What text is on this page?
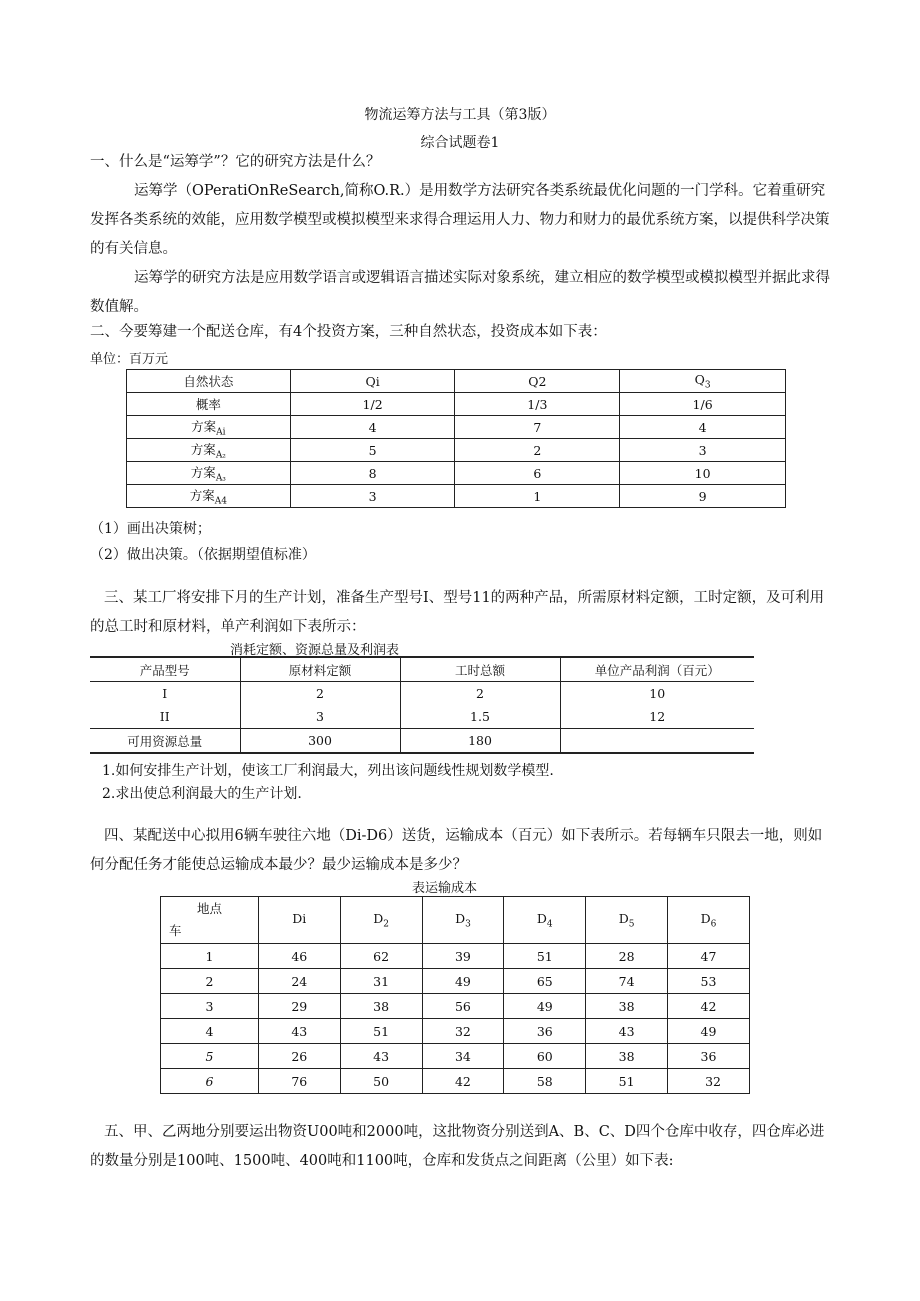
物流运筹方法与工具（第3版）
综合试题卷1
一、什么是“运筹学”？它的研究方法是什么？
运筹学（OPeratiOnReSearch,简称O.R.）是用数学方法研究各类系统最优化问题的一门学科。它着重研究发挥各类系统的效能，应用数学模型或模拟模型来求得合理运用人力、物力和财力的最优系统方案，以提供科学决策的有关信息。
运筹学的研究方法是应用数学语言或逻辑语言描述实际对象系统，建立相应的数学模型或模拟模型并据此求得数值解。
二、今要筹建一个配送仓库，有4个投资方案，三种自然状态，投资成本如下表：
单位：百万元
自然状态	Qi	Q2	$Q_3$
概率	1/2	1/3	1/6
方案$_{Ai}$	4	7	4
方案$_{A_2}$	5	2	3
方案$_{A_3}$	8	6	10
方案$_{A4}$	3	1	9
（1）画出决策树；
（2）做出决策。（依据期望值标准）
三、某工厂将安排下月的生产计划，准备生产型号I、型号11的两种产品，所需原材料定额，工时定额，及可利用的总工时和原材料，单产利润如下表所示：
消耗定额、资源总量及利润表
产品型号	原材料定额	工时总额	单位产品利润（百元）
I	2	2	10
II	3	1.5	12
可用资源总量	300	180	
1.如何安排生产计划，使该工厂利润最大，列出该问题线性规划数学模型.
2.求出使总利润最大的生产计划.
四、某配送中心拟用6辆车驶往六地（Di-D6）送货，运输成本（百元）如下表所示。若每辆车只限去一地，则如何分配任务才能使总运输成本最少？最少运输成本是多少？
表运输成本
地点
车	Di	$D_2$	$D_3$	$D_4$	$D_5$	$D_6$
1	46	62	39	51	28	47
2	24	31	49	65	74	53
3	29	38	56	49	38	42
4	43	51	32	36	43	49
5	26	43	34	60	38	36
6	76	50	42	58	51	32
五、甲、乙两地分别要运出物资U00吨和2000吨，这批物资分别送到A、B、C、D四个仓库中收存，四仓库必进的数量分别是100吨、1500吨、400吨和1100吨，仓库和发货点之间距离（公里）如下表:
